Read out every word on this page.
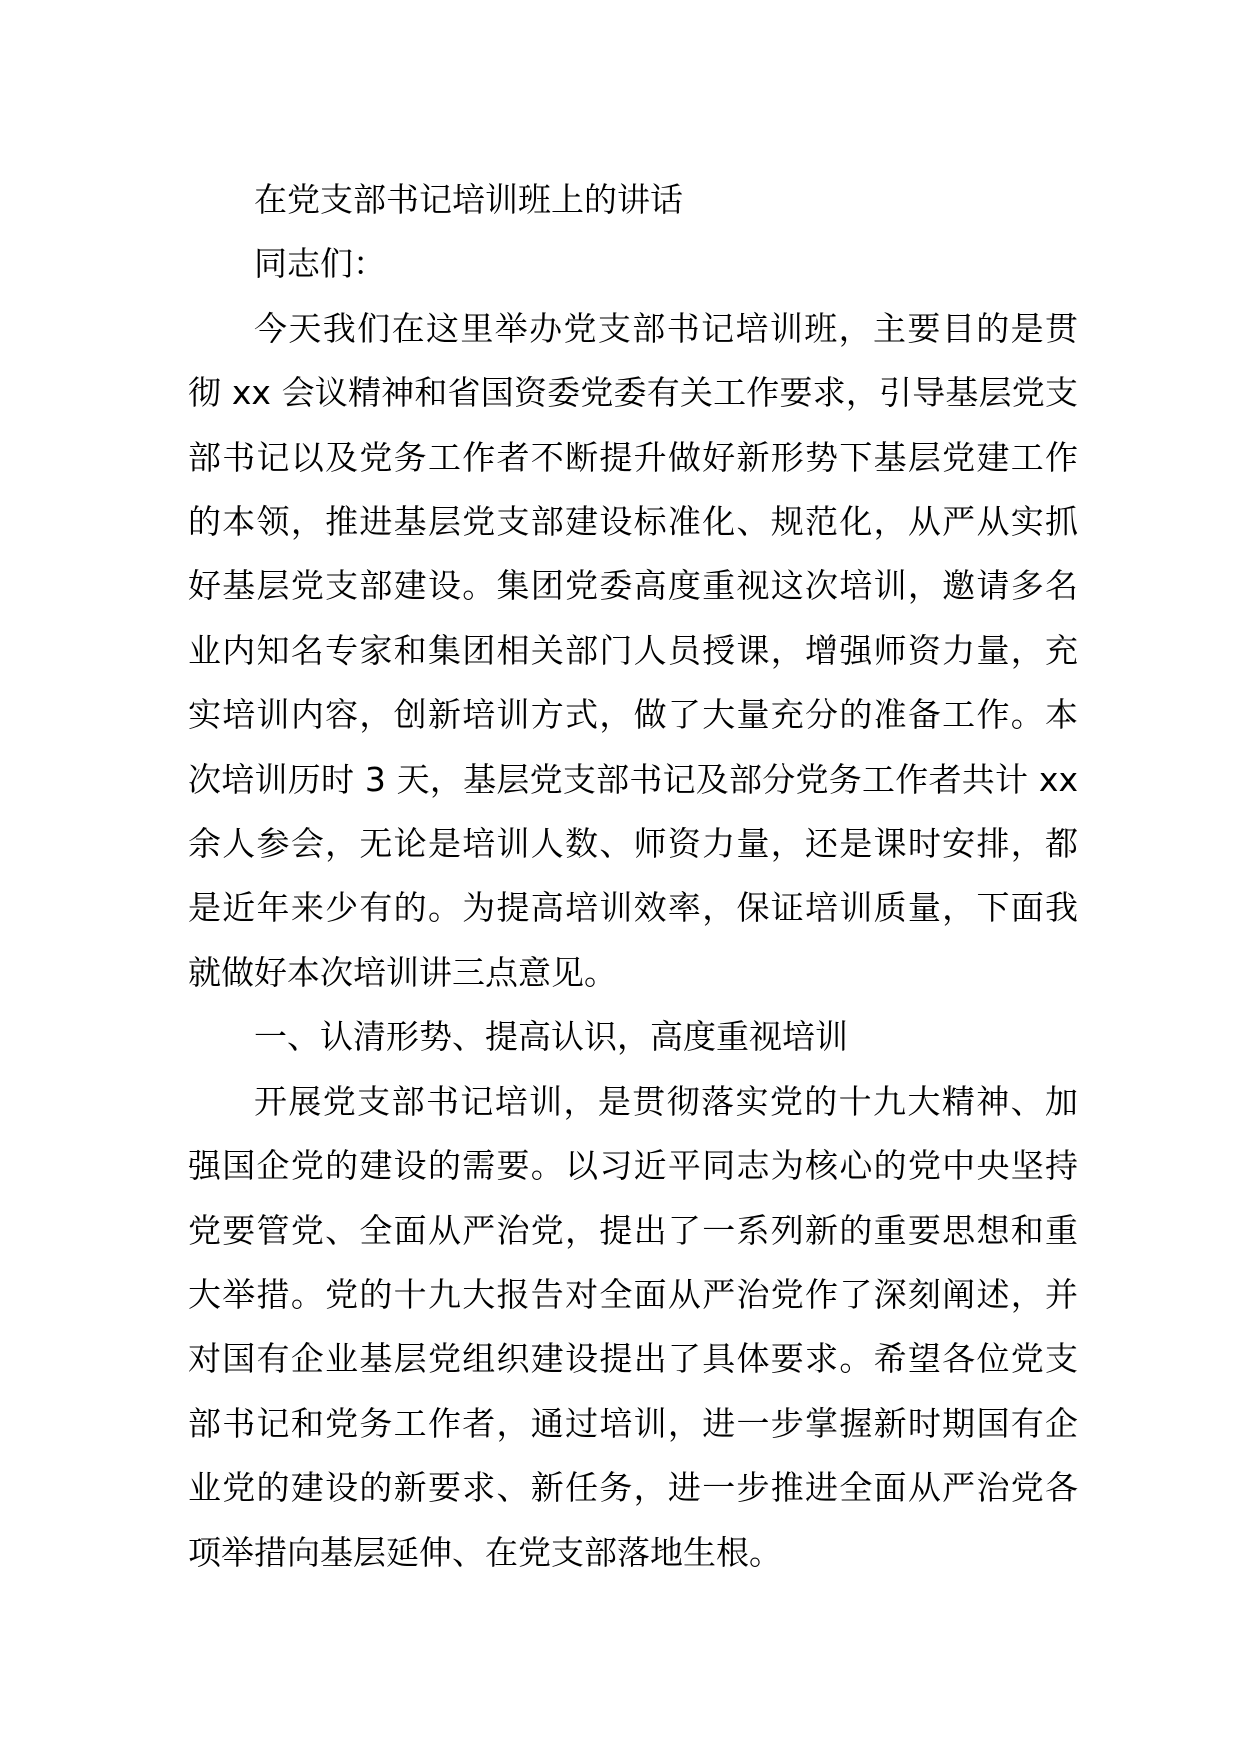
在党支部书记培训班上的讲话

同志们：

今天我们在这里举办党支部书记培训班，主要目的是贯彻 xx 会议精神和省国资委党委有关工作要求，引导基层党支部书记以及党务工作者不断提升做好新形势下基层党建工作的本领，推进基层党支部建设标准化、规范化，从严从实抓好基层党支部建设。集团党委高度重视这次培训，邀请多名业内知名专家和集团相关部门人员授课，增强师资力量，充实培训内容，创新培训方式，做了大量充分的准备工作。本次培训历时 3 天，基层党支部书记及部分党务工作者共计 xx 余人参会，无论是培训人数、师资力量，还是课时安排，都是近年来少有的。为提高培训效率，保证培训质量，下面我就做好本次培训讲三点意见。

一、认清形势、提高认识，高度重视培训

开展党支部书记培训，是贯彻落实党的十九大精神、加强国企党的建设的需要。以习近平同志为核心的党中央坚持党要管党、全面从严治党，提出了一系列新的重要思想和重大举措。党的十九大报告对全面从严治党作了深刻阐述，并对国有企业基层党组织建设提出了具体要求。希望各位党支部书记和党务工作者，通过培训，进一步掌握新时期国有企业党的建设的新要求、新任务，进一步推进全面从严治党各项举措向基层延伸、在党支部落地生根。
